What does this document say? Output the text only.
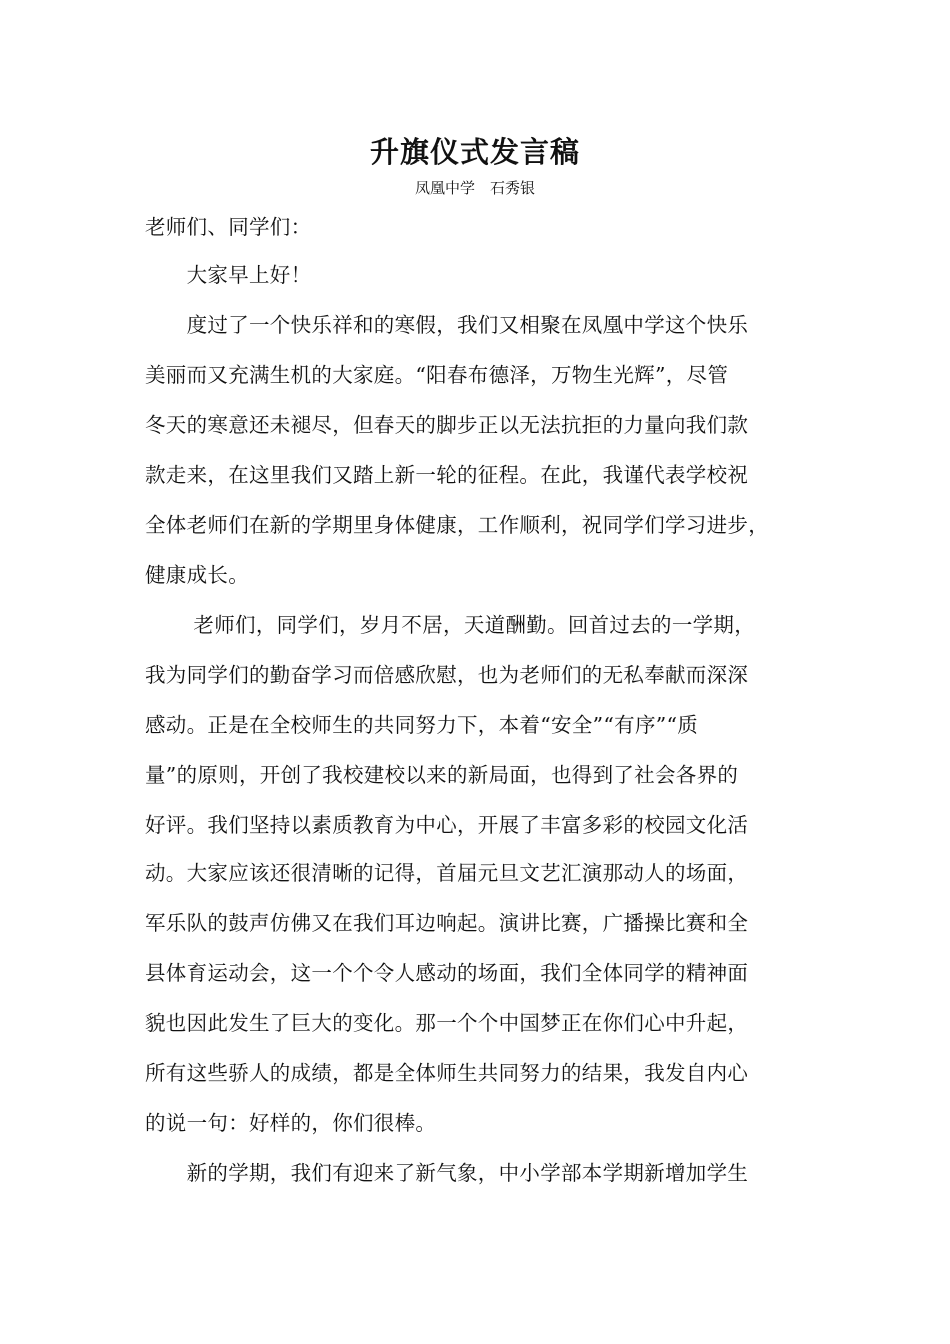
升旗仪式发言稿
凤凰中学　石秀银
老师们、同学们：
　　大家早上好！
　　度过了一个快乐祥和的寒假，我们又相聚在凤凰中学这个快乐
美丽而又充满生机的大家庭。“阳春布德泽，万物生光辉”，尽管
冬天的寒意还未褪尽，但春天的脚步正以无法抗拒的力量向我们款
款走来，在这里我们又踏上新一轮的征程。在此，我谨代表学校祝
全体老师们在新的学期里身体健康，工作顺利，祝同学们学习进步，
健康成长。
　　 老师们，同学们，岁月不居，天道酬勤。回首过去的一学期，
我为同学们的勤奋学习而倍感欣慰，也为老师们的无私奉献而深深
感动。正是在全校师生的共同努力下，本着“安全”“有序”“质
量”的原则，开创了我校建校以来的新局面，也得到了社会各界的
好评。我们坚持以素质教育为中心，开展了丰富多彩的校园文化活
动。大家应该还很清晰的记得，首届元旦文艺汇演那动人的场面，
军乐队的鼓声仿佛又在我们耳边响起。演讲比赛，广播操比赛和全
县体育运动会，这一个个令人感动的场面，我们全体同学的精神面
貌也因此发生了巨大的变化。那一个个中国梦正在你们心中升起，
所有这些骄人的成绩，都是全体师生共同努力的结果，我发自内心
的说一句：好样的，你们很棒。
　　新的学期，我们有迎来了新气象，中小学部本学期新增加学生
